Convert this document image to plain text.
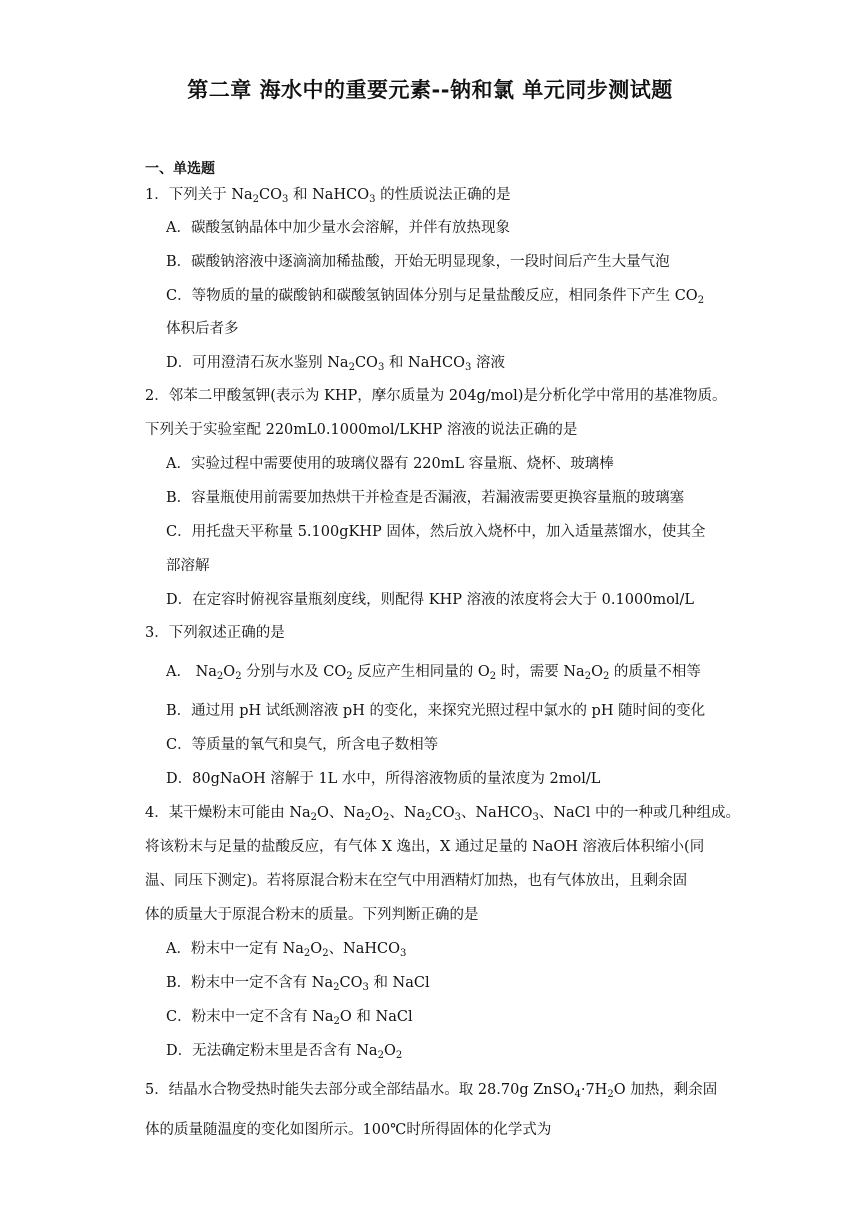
第二章 海水中的重要元素--钠和氯 单元同步测试题
一、单选题
1．下列关于 $Na_2CO_3$ 和 NaHCO$_3$ 的性质说法正确的是
A．碳酸氢钠晶体中加少量水会溶解，并伴有放热现象
B．碳酸钠溶液中逐滴滴加稀盐酸，开始无明显现象，一段时间后产生大量气泡
C．等物质的量的碳酸钠和碳酸氢钠固体分别与足量盐酸反应，相同条件下产生 $CO_2$
体积后者多
D．可用澄清石灰水鉴别 $Na_2CO_3$ 和 NaHCO$_3$ 溶液
2．邻苯二甲酸氢钾(表示为 KHP，摩尔质量为 204g/mol)是分析化学中常用的基准物质。
下列关于实验室配 220mL0.1000mol/LKHP 溶液的说法正确的是
A．实验过程中需要使用的玻璃仪器有 220mL 容量瓶、烧杯、玻璃棒
B．容量瓶使用前需要加热烘干并检查是否漏液，若漏液需要更换容量瓶的玻璃塞
C．用托盘天平称量 5.100gKHP 固体，然后放入烧杯中，加入适量蒸馏水，使其全
部溶解
D．在定容时俯视容量瓶刻度线，则配得 KHP 溶液的浓度将会大于 0.1000mol/L
3．下列叙述正确的是
A． $Na_2O_2$ 分别与水及 $CO_2$ 反应产生相同量的 $O_2$ 时，需要 $Na_2O_2$ 的质量不相等
B．通过用 pH 试纸测溶液 pH 的变化，来探究光照过程中氯水的 pH 随时间的变化
C．等质量的氧气和臭气，所含电子数相等
D．80gNaOH 溶解于 1L 水中，所得溶液物质的量浓度为 2mol/L
4．某干燥粉末可能由 $Na_2O$、$Na_2O_2$、$Na_2CO_3$、NaHCO$_3$、NaCl 中的一种或几种组成。
将该粉末与足量的盐酸反应，有气体 X 逸出，X 通过足量的 NaOH 溶液后体积缩小(同
温、同压下测定)。若将原混合粉末在空气中用酒精灯加热，也有气体放出，且剩余固
体的质量大于原混合粉末的质量。下列判断正确的是
A．粉末中一定有 $Na_2O_2$、NaHCO$_3$
B．粉末中一定不含有 $Na_2CO_3$ 和 NaCl
C．粉末中一定不含有 $Na_2O$ 和 NaCl
D．无法确定粉末里是否含有 $Na_2O_2$
5．结晶水合物受热时能失去部分或全部结晶水。取 28.70g $ZnSO_4\cdot 7H_2O$ 加热，剩余固
体的质量随温度的变化如图所示。100℃时所得固体的化学式为
